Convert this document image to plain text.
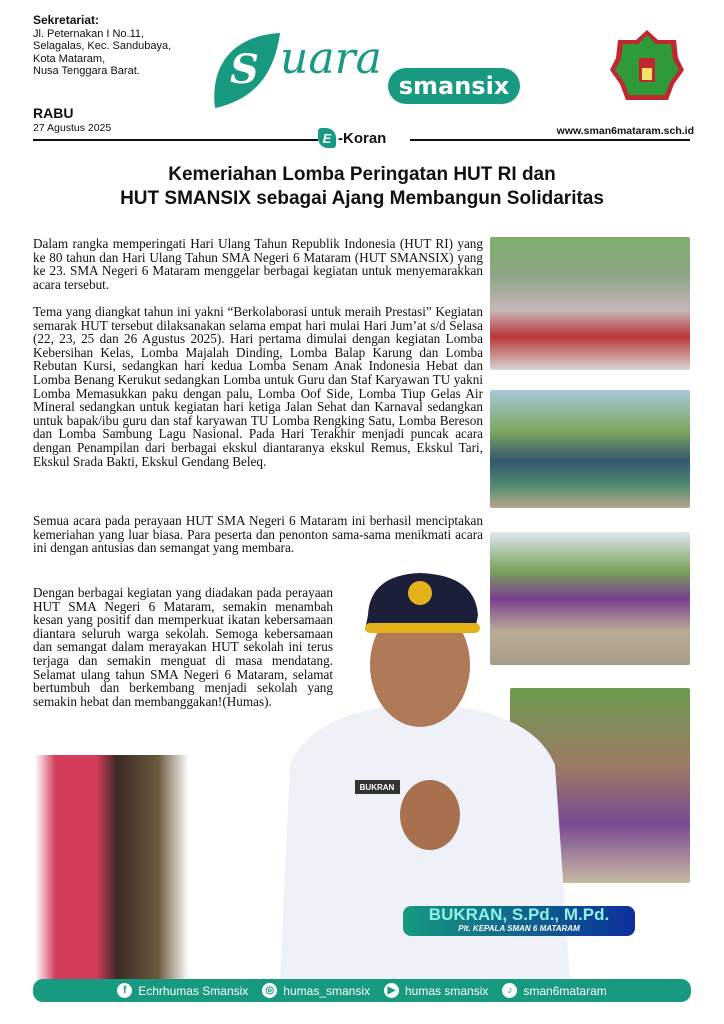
Sekretariat:
Jl. Peternakan I No.11,
Selagalas, Kec. Sandubaya,
Kota Mataram,
Nusa Tenggara Barat.	S uara
smansix
RABU
27 Agustus 2025
E -Koran	www.sman6mataram.sch.id
Kemeriahan Lomba Peringatan HUT RI dan
HUT SMANSIX sebagai Ajang Membangun Solidaritas

Dalam rangka memperingati Hari Ulang Tahun Republik Indonesia (HUT RI) yang ke 80 tahun dan Hari Ulang Tahun SMA Negeri 6 Mataram (HUT SMANSIX) yang ke 23. SMA Negeri 6 Mataram menggelar berbagai kegiatan untuk menyemarakkan acara tersebut.

Tema yang diangkat tahun ini yakni “Berkolaborasi untuk meraih Prestasi” Kegiatan semarak HUT tersebut dilaksanakan selama empat hari mulai Hari Jum’at s/d Selasa (22, 23, 25 dan 26 Agustus 2025). Hari pertama dimulai dengan kegiatan Lomba Kebersihan Kelas, Lomba Majalah Dinding, Lomba Balap Karung dan Lomba Rebutan Kursi, sedangkan hari kedua Lomba Senam Anak Indonesia Hebat dan Lomba Benang Kerukut sedangkan Lomba untuk Guru dan Staf Karyawan TU yakni Lomba Memasukkan paku dengan palu, Lomba Oof Side, Lomba Tiup Gelas Air Mineral sedangkan untuk kegiatan hari ketiga Jalan Sehat dan Karnaval sedangkan untuk bapak/ibu guru dan staf karyawan TU Lomba Rengking Satu, Lomba Bereson dan Lomba Sambung Lagu Nasional. Pada Hari Terakhir menjadi puncak acara dengan Penampilan dari berbagai ekskul diantaranya ekskul Remus, Ekskul Tari, Ekskul Srada Bakti, Ekskul Gendang Beleq.

Semua acara pada perayaan HUT SMA Negeri 6 Mataram ini berhasil menciptakan kemeriahan yang luar biasa. Para peserta dan penonton sama-sama menikmati acara ini dengan antusias dan semangat yang membara.

Dengan berbagai kegiatan yang diadakan pada perayaan HUT SMA Negeri 6 Mataram, semakin menambah kesan yang positif dan memperkuat ikatan kebersamaan diantara seluruh warga sekolah. Semoga kebersamaan dan semangat dalam merayakan HUT sekolah ini terus terjaga dan semakin menguat di masa mendatang. Selamat ulang tahun SMA Negeri 6 Mataram, selamat bertumbuh dan berkembang menjadi sekolah yang semakin hebat dan membanggakan!(Humas).

BUKRAN
BUKRAN, S.Pd., M.Pd.
Plt. KEPALA SMAN 6 MATARAM
f Echrhumas Smansix	◎ humas_smansix	▶ humas smansix	♪ sman6mataram
